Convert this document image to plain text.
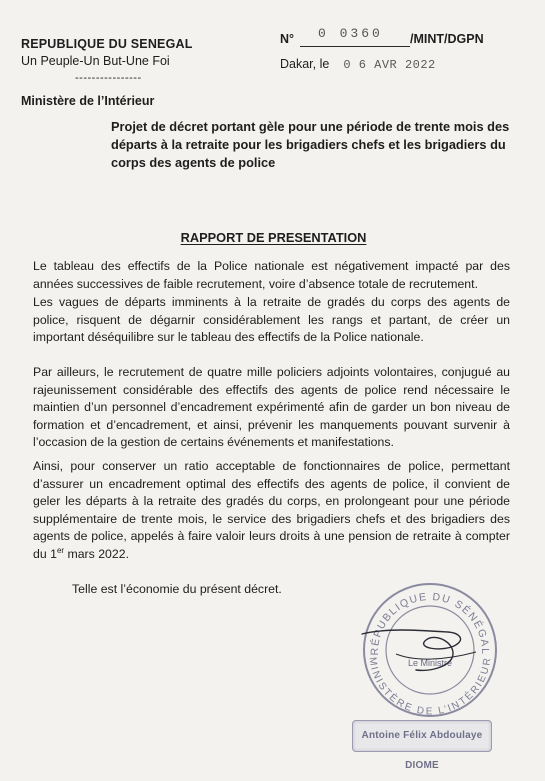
REPUBLIQUE DU SENEGAL
Un Peuple-Un But-Une Foi
----------------
Ministère de l’Intérieur
N° 0 0360 /MINT/DGPN
Dakar, le 0 6 AVR 2022
Projet de décret portant gèle pour une période de trente mois des départs à la retraite pour les brigadiers chefs et les brigadiers du corps des agents de police
RAPPORT DE PRESENTATION
Le tableau des effectifs de la Police nationale est négativement impacté par des années successives de faible recrutement, voire d’absence totale de recrutement.
Les vagues de départs imminents à la retraite de gradés du corps des agents de police, risquent de dégarnir considérablement les rangs et partant, de créer un important déséquilibre sur le tableau des effectifs de la Police nationale.
Par ailleurs, le recrutement de quatre mille policiers adjoints volontaires, conjugué au rajeunissement considérable des effectifs des agents de police rend nécessaire le maintien d’un personnel d’encadrement expérimenté afin de garder un bon niveau de formation et d’encadrement, et ainsi, prévenir les manquements pouvant survenir à l’occasion de la gestion de certains événements et manifestations.
Ainsi, pour conserver un ratio acceptable de fonctionnaires de police, permettant d’assurer un encadrement optimal des effectifs des agents de police, il convient de geler les départs à la retraite des gradés du corps, en prolongeant pour une période supplémentaire de trente mois, le service des brigadiers chefs et des brigadiers des agents de police, appelés à faire valoir leurs droits à une pension de retraite à compter du 1er mars 2022.
Telle est l’économie du présent décret.
RÉPUBLIQUE DU SÉNÉGAL
MINISTÈRE DE L’INTÉRIEUR
Le Ministre
Antoine Félix Abdoulaye DIOME
